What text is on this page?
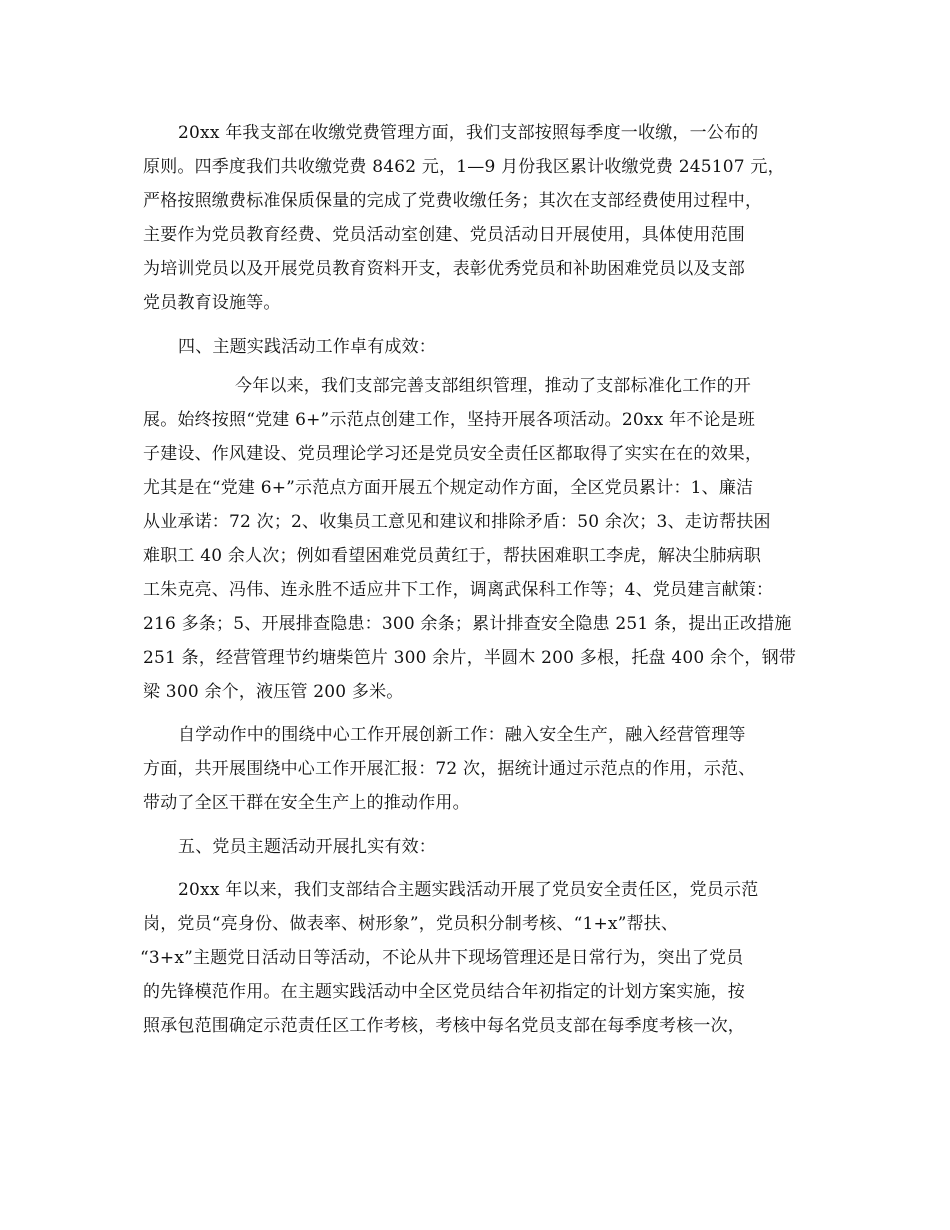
20xx 年我支部在收缴党费管理方面，我们支部按照每季度一收缴，一公布的
原则。四季度我们共收缴党费 8462 元，1—9 月份我区累计收缴党费 245107 元，
严格按照缴费标准保质保量的完成了党费收缴任务；其次在支部经费使用过程中，
主要作为党员教育经费、党员活动室创建、党员活动日开展使用，具体使用范围
为培训党员以及开展党员教育资料开支，表彰优秀党员和补助困难党员以及支部
党员教育设施等。
四、主题实践活动工作卓有成效：
今年以来，我们支部完善支部组织管理，推动了支部标准化工作的开
展。始终按照“党建 6+”示范点创建工作，坚持开展各项活动。20xx 年不论是班
子建设、作风建设、党员理论学习还是党员安全责任区都取得了实实在在的效果，
尤其是在“党建 6+”示范点方面开展五个规定动作方面，全区党员累计：1、廉洁
从业承诺：72 次；2、收集员工意见和建议和排除矛盾：50 余次；3、走访帮扶困
难职工 40 余人次；例如看望困难党员黄红于，帮扶困难职工李虎，解决尘肺病职
工朱克亮、冯伟、连永胜不适应井下工作，调离武保科工作等；4、党员建言献策：
216 多条；5、开展排查隐患：300 余条；累计排查安全隐患 251 条，提出正改措施
251 条，经营管理节约塘柴笆片 300 余片，半圆木 200 多根，托盘 400 余个，钢带
梁 300 余个，液压管 200 多米。
自学动作中的围绕中心工作开展创新工作：融入安全生产，融入经营管理等
方面，共开展围绕中心工作开展汇报：72 次，据统计通过示范点的作用，示范、
带动了全区干群在安全生产上的推动作用。
五、党员主题活动开展扎实有效：
20xx 年以来，我们支部结合主题实践活动开展了党员安全责任区，党员示范
岗，党员“亮身份、做表率、树形象”，党员积分制考核、“1+x”帮扶、
“3+x”主题党日活动日等活动，不论从井下现场管理还是日常行为，突出了党员
的先锋模范作用。在主题实践活动中全区党员结合年初指定的计划方案实施，按
照承包范围确定示范责任区工作考核，考核中每名党员支部在每季度考核一次，
